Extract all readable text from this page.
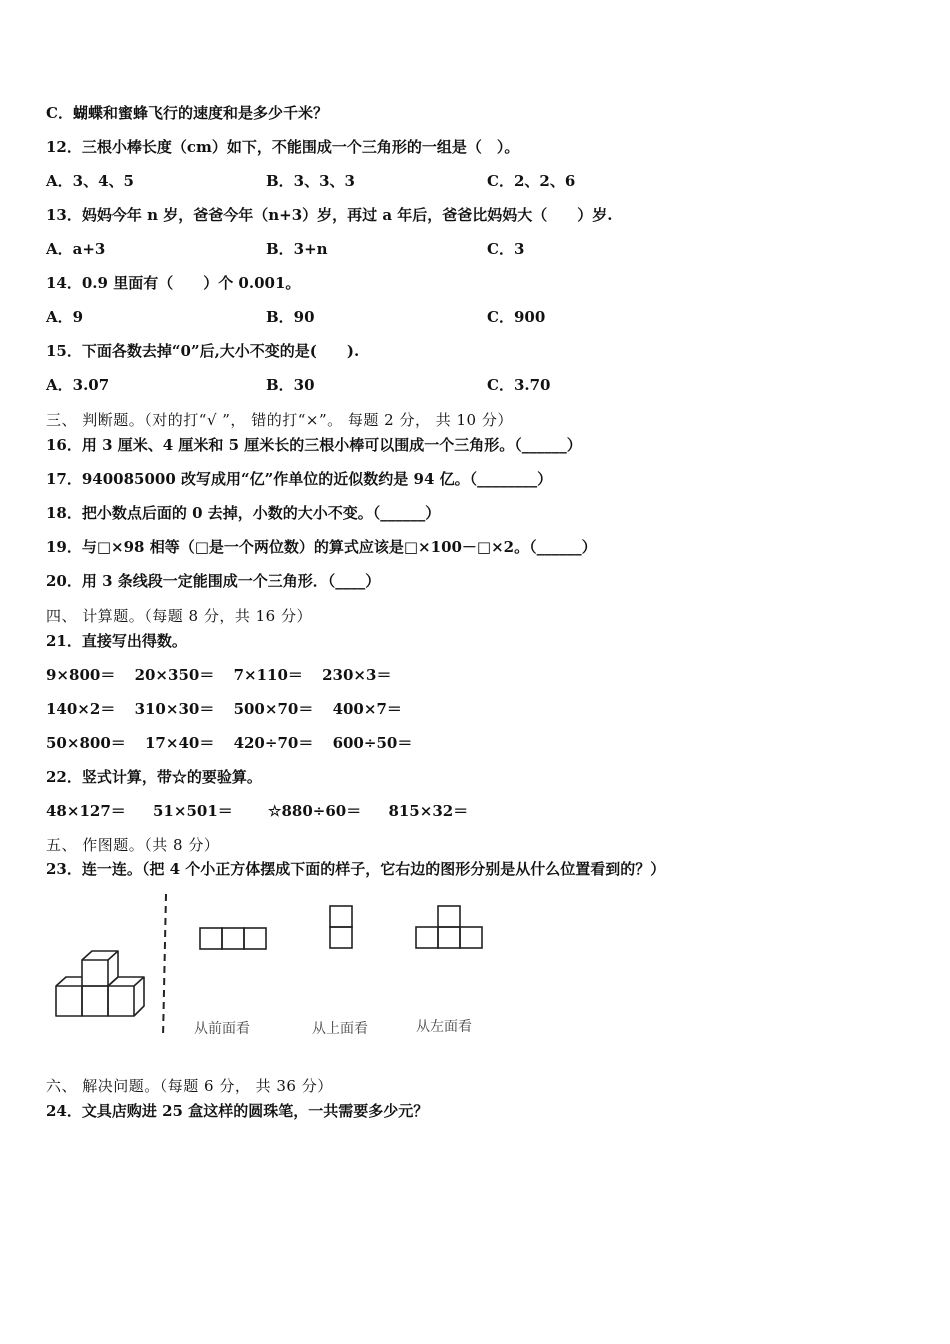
C．蝴蝶和蜜蜂飞行的速度和是多少千米？
12．三根小棒长度（cm）如下，不能围成一个三角形的一组是（　）。
A．3、4、5	B．3、3、3	C．2、2、6
13．妈妈今年 n 岁，爸爸今年（n+3）岁，再过 a 年后，爸爸比妈妈大（　　）岁.
A．a+3	B．3+n	C．3
14．0.9 里面有（　　）个 0.001。
A．9	B．90	C．900
15．下面各数去掉“0”后,大小不变的是(　　).
A．3.07	B．30	C．3.70
三、 判断题。（对的打“√ ”， 错的打“×”。 每题 2 分， 共 10 分）
16．用 3 厘米、4 厘米和 5 厘米长的三根小棒可以围成一个三角形。（______）
17．940085000 改写成用“亿”作单位的近似数约是 94 亿。（________）
18．把小数点后面的 0 去掉，小数的大小不变。（______）
19．与□×98 相等（□是一个两位数）的算式应该是□×100－□×2。（______）
20．用 3 条线段一定能围成一个三角形．（____）
四、 计算题。（每题 8 分，共 16 分）
21．直接写出得数。
9×800＝ 20×350＝ 7×110＝ 230×3＝
140×2＝ 310×30＝ 500×70＝ 400×7＝
50×800＝ 17×40＝ 420÷70＝ 600÷50＝
22．竖式计算，带☆的要验算。
48×127＝ 51×501＝ ☆880÷60＝ 815×32＝
五、 作图题。（共 8 分）
23．连一连。（把 4 个小正方体摆成下面的样子，它右边的图形分别是从什么位置看到的？）
从前面看	从上面看	从左面看
六、 解决问题。（每题 6 分， 共 36 分）
24．文具店购进 25 盒这样的圆珠笔，一共需要多少元？
